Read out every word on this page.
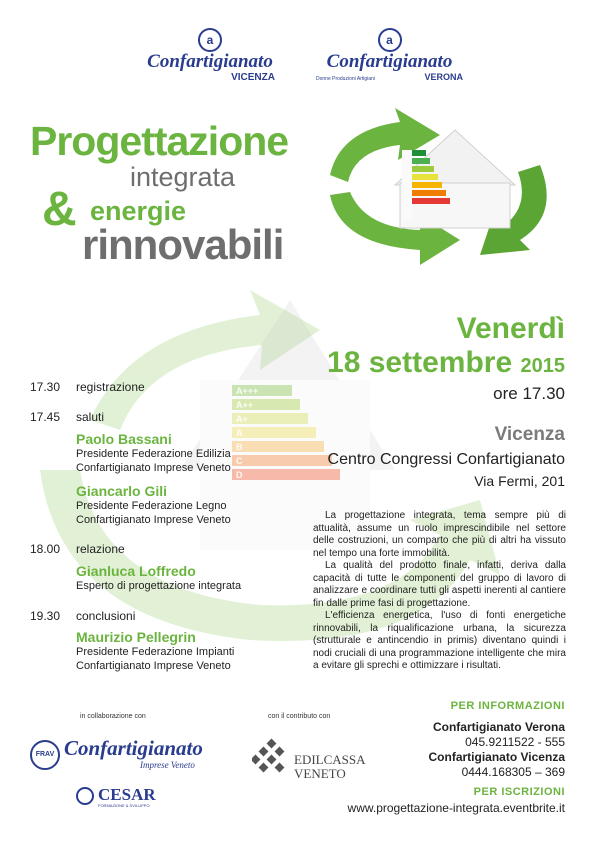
A+++
A++
A+
A
B
C
D
a
Confartigianato
VICENZA
a
Confartigianato
Donne Produzioni Artigiani	VERONA
Progettazione
integrata
& energie
rinnovabili
Venerdì
18 settembre 2015
ore 17.30
Vicenza
Centro Congressi Confartigianato
Via Fermi, 201
17.30 registrazione
17.45 saluti
Paolo Bassani
Presidente Federazione Edilizia
Confartigianato Imprese Veneto
Giancarlo Gili
Presidente Federazione Legno
Confartigianato Imprese Veneto
18.00 relazione
Gianluca Loffredo
Esperto di progettazione integrata
19.30 conclusioni
Maurizio Pellegrin
Presidente Federazione Impianti
Confartigianato Imprese Veneto

La progettazione integrata, tema sempre più di attualità, assume un ruolo imprescindibile nel settore delle costruzioni, un comparto che più di altri ha vissuto nel tempo una forte immobilità.

La qualità del prodotto finale, infatti, deriva dalla capacità di tutte le componenti del gruppo di lavoro di analizzare e coordinare tutti gli aspetti inerenti al cantiere fin dalle prime fasi di progettazione.

L'efficienza energetica, l'uso di fonti energetiche rinnovabili, la riqualificazione urbana, la sicurezza (strutturale e antincendio in primis) diventano quindi i nodi cruciali di una programmazione intelligente che mira a evitare gli sprechi e ottimizzare i risultati.

in collaborazione con	con il contributo con
FRAV Confartigianato
Imprese Veneto
CESAR
FORMAZIONE & SVILUPPO
EDILCASSA
VENETO
PER INFORMAZIONI
Confartigianato Verona
045.9211522 - 555
Confartigianato Vicenza
0444.168305 – 369
PER ISCRIZIONI
www.progettazione-integrata.eventbrite.it
